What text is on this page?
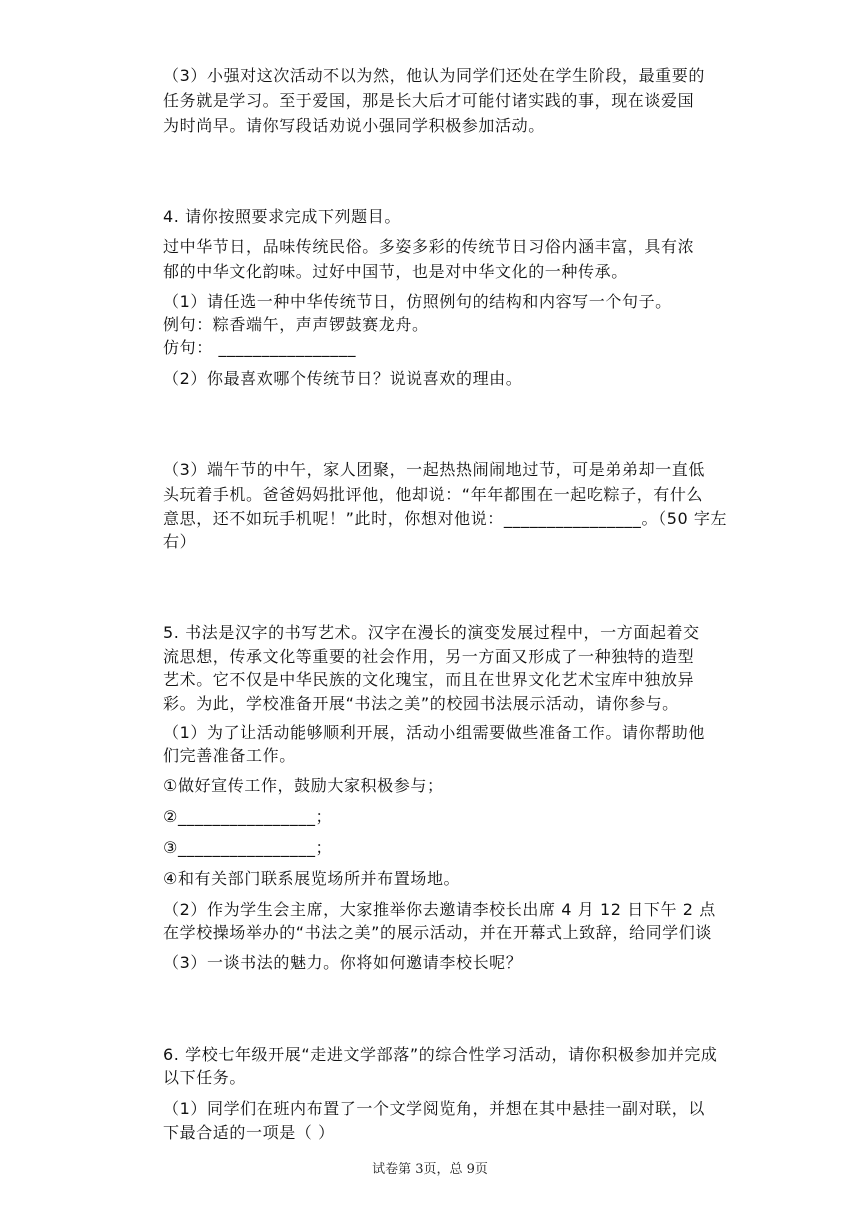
（3）小强对这次活动不以为然，他认为同学们还处在学生阶段，最重要的
任务就是学习。至于爱国，那是长大后才可能付诸实践的事，现在谈爱国
为时尚早。请你写段话劝说小强同学积极参加活动。
4. 请你按照要求完成下列题目。
过中华节日，品味传统民俗。多姿多彩的传统节日习俗内涵丰富，具有浓
郁的中华文化韵味。过好中国节，也是对中华文化的一种传承。
（1）请任选一种中华传统节日，仿照例句的结构和内容写一个句子。
例句：粽香端午，声声锣鼓赛龙舟。
仿句： ________________
（2）你最喜欢哪个传统节日？说说喜欢的理由。
（3）端午节的中午，家人团聚，一起热热闹闹地过节，可是弟弟却一直低
头玩着手机。爸爸妈妈批评他，他却说：“年年都围在一起吃粽子，有什么
意思，还不如玩手机呢！”此时，你想对他说：________________。（50 字左
右）
5. 书法是汉字的书写艺术。汉字在漫长的演变发展过程中，一方面起着交
流思想，传承文化等重要的社会作用，另一方面又形成了一种独特的造型
艺术。它不仅是中华民族的文化瑰宝，而且在世界文化艺术宝库中独放异
彩。为此，学校准备开展“书法之美”的校园书法展示活动，请你参与。
（1）为了让活动能够顺利开展，活动小组需要做些准备工作。请你帮助他
们完善准备工作。
①做好宣传工作，鼓励大家积极参与；
②________________；
③________________；
④和有关部门联系展览场所并布置场地。
（2）作为学生会主席，大家推举你去邀请李校长出席 4 月 12 日下午 2 点
在学校操场举办的“书法之美”的展示活动，并在开幕式上致辞，给同学们谈
（3）一谈书法的魅力。你将如何邀请李校长呢？
6. 学校七年级开展“走进文学部落”的综合性学习活动，请你积极参加并完成
以下任务。
（1）同学们在班内布置了一个文学阅览角，并想在其中悬挂一副对联，以
下最合适的一项是（ ）
试卷第 3页，总 9页
